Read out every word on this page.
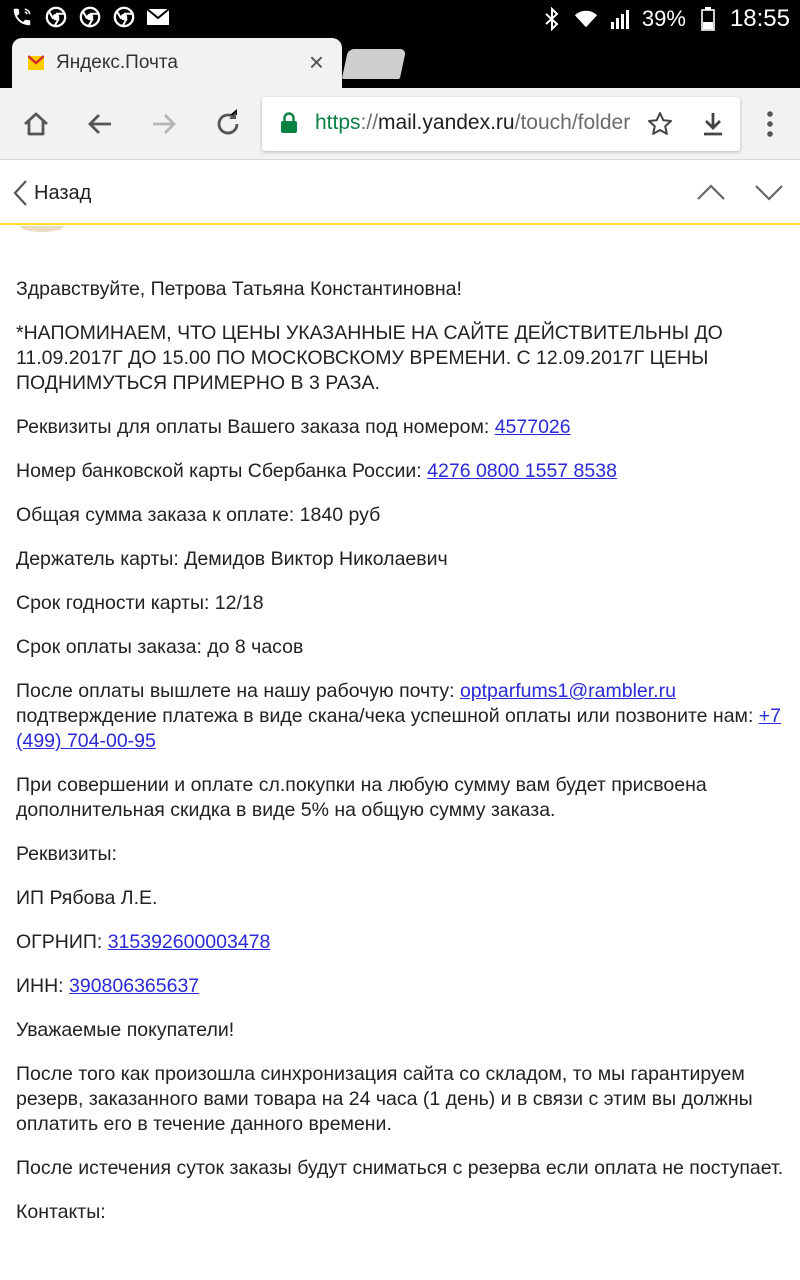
39% 18:55
Яндекс.Почта	×
https://mail.yandex.ru/touch/folder
Назад

Здравствуйте, Петрова Татьяна Константиновна!

*НАПОМИНАЕМ, ЧТО ЦЕНЫ УКАЗАННЫЕ НА САЙТЕ ДЕЙСТВИТЕЛЬНЫ ДО 11.09.2017Г ДО 15.00 ПО МОСКОВСКОМУ ВРЕМЕНИ. С 12.09.2017Г ЦЕНЫ ПОДНИМУТЬСЯ ПРИМЕРНО В 3 РАЗА.

Реквизиты для оплаты Вашего заказа под номером: 4577026

Номер банковской карты Сбербанка России: 4276 0800 1557 8538

Общая сумма заказа к оплате: 1840 руб

Держатель карты: Демидов Виктор Николаевич

Срок годности карты: 12/18

Срок оплаты заказа: до 8 часов

После оплаты вышлете на нашу рабочую почту: optparfums1@rambler.ru подтверждение платежа в виде скана/чека успешной оплаты или позвоните нам: +7 (499) 704-00-95

При совершении и оплате сл.покупки на любую сумму вам будет присвоена дополнительная скидка в виде 5% на общую сумму заказа.

Реквизиты:

ИП Рябова Л.Е.

ОГРНИП: 315392600003478

ИНН: 390806365637

Уважаемые покупатели!

После того как произошла синхронизация сайта со складом, то мы гарантируем резерв, заказанного вами товара на 24 часа (1 день) и в связи с этим вы должны оплатить его в течение данного времени.

После истечения суток заказы будут сниматься с резерва если оплата не поступает.

Контакты:
